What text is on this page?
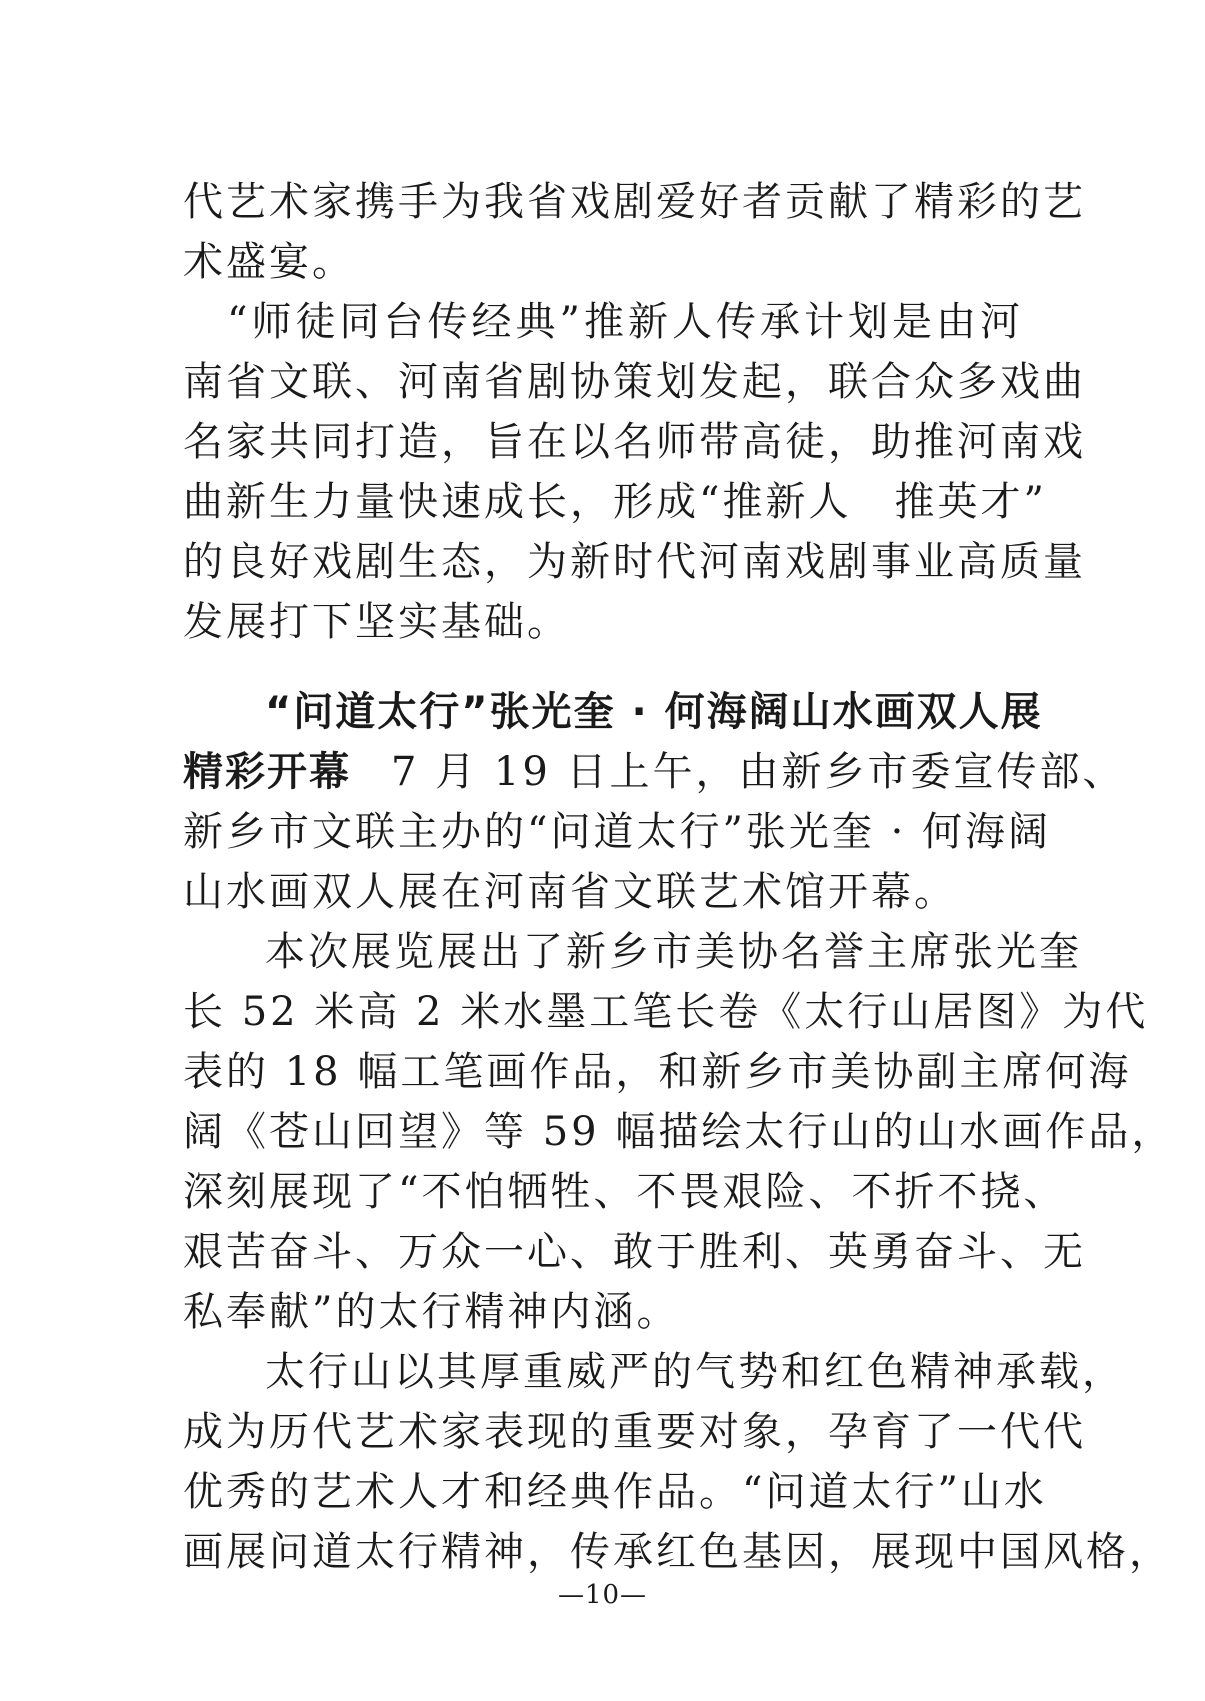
代艺术家携手为我省戏剧爱好者贡献了精彩的艺
术盛宴。
　“师徒同台传经典”推新人传承计划是由河
南省文联、河南省剧协策划发起，联合众多戏曲
名家共同打造，旨在以名师带高徒，助推河南戏
曲新生力量快速成长，形成“推新人　推英才”
的良好戏剧生态，为新时代河南戏剧事业高质量
发展打下坚实基础。
“问道太行”张光奎 · 何海阔山水画双人展
精彩开幕 7 月 19 日上午，由新乡市委宣传部、
新乡市文联主办的“问道太行”张光奎 · 何海阔
山水画双人展在河南省文联艺术馆开幕。
本次展览展出了新乡市美协名誉主席张光奎
长 52 米高 2 米水墨工笔长卷《太行山居图》为代
表的 18 幅工笔画作品，和新乡市美协副主席何海
阔《苍山回望》等 59 幅描绘太行山的山水画作品，
深刻展现了“不怕牺牲、不畏艰险、不折不挠、
艰苦奋斗、万众一心、敢于胜利、英勇奋斗、无
私奉献”的太行精神内涵。
太行山以其厚重威严的气势和红色精神承载，
成为历代艺术家表现的重要对象，孕育了一代代
优秀的艺术人才和经典作品。“问道太行”山水
画展问道太行精神，传承红色基因，展现中国风格，
—10—
